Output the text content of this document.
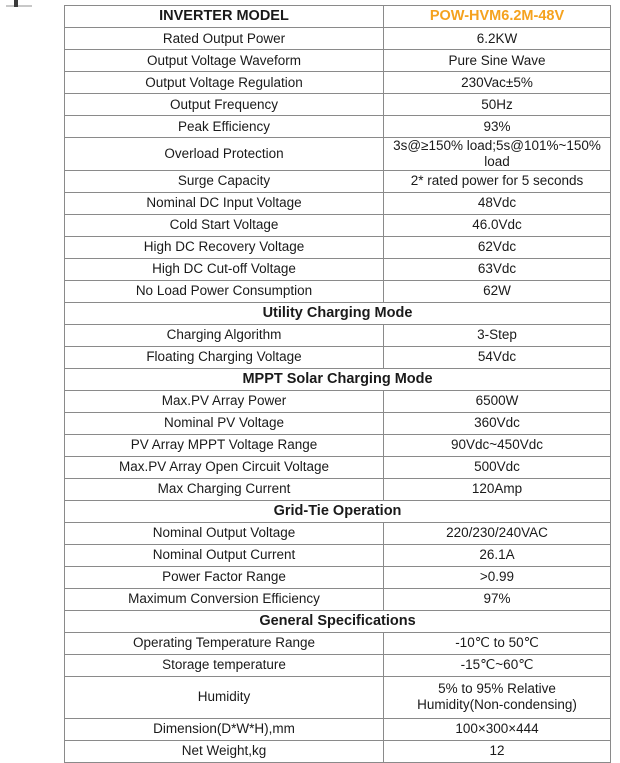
INVERTER MODEL	POW-HVM6.2M-48V
Rated Output Power	6.2KW
Output Voltage Waveform	Pure Sine Wave
Output Voltage Regulation	230Vac±5%
Output Frequency	50Hz
Peak Efficiency	93%
Overload Protection	3s@≥150% load;5s@101%~150% load
Surge Capacity	2* rated power for 5 seconds
Nominal DC Input Voltage	48Vdc
Cold Start Voltage	46.0Vdc
High DC Recovery Voltage	62Vdc
High DC Cut-off Voltage	63Vdc
No Load Power Consumption	62W
Utility Charging Mode	
Charging Algorithm	3-Step
Floating Charging Voltage	54Vdc
MPPT Solar Charging Mode	
Max.PV Array Power	6500W
Nominal PV Voltage	360Vdc
PV Array MPPT Voltage Range	90Vdc~450Vdc
Max.PV Array Open Circuit Voltage	500Vdc
Max Charging Current	120Amp
Grid-Tie Operation	
Nominal Output Voltage	220/230/240VAC
Nominal Output Current	26.1A
Power Factor Range	>0.99
Maximum Conversion Efficiency	97%
General Specifications	
Operating Temperature Range	-10℃ to 50℃
Storage temperature	-15℃~60℃
Humidity	5% to 95% Relative Humidity(Non-condensing)
Dimension(D*W*H),mm	100×300×444
Net Weight,kg	12
